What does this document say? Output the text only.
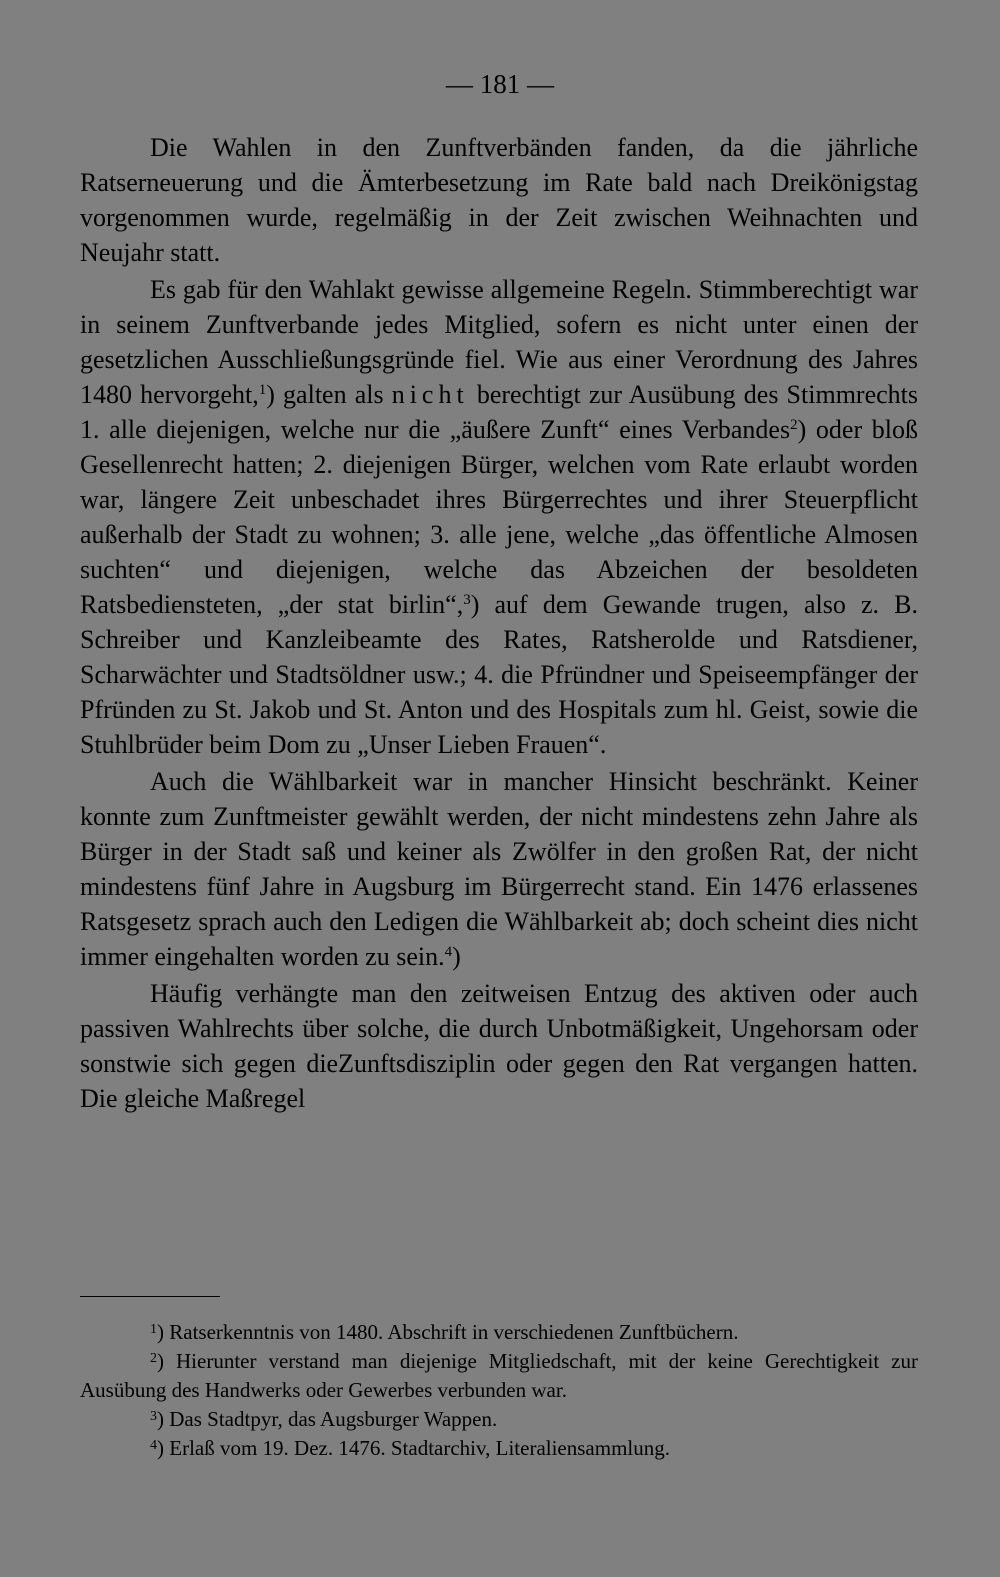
— 181 —

Die Wahlen in den Zunftverbänden fanden, da die jährliche Ratserneuerung und die Ämterbesetzung im Rate bald nach Dreikönigstag vorgenommen wurde, regelmäßig in der Zeit zwischen Weihnachten und Neujahr statt.

Es gab für den Wahlakt gewisse allgemeine Regeln. Stimmberechtigt war in seinem Zunftverbande jedes Mitglied, sofern es nicht unter einen der gesetzlichen Ausschließungsgründe fiel. Wie aus einer Verordnung des Jahres 1480 hervorgeht,$^1$) galten als nicht berechtigt zur Ausübung des Stimmrechts 1. alle diejenigen, welche nur die „äußere Zunft“ eines Verbandes$^2$) oder bloß Gesellenrecht hatten; 2. diejenigen Bürger, welchen vom Rate erlaubt worden war, längere Zeit unbeschadet ihres Bürgerrechtes und ihrer Steuerpflicht außerhalb der Stadt zu wohnen; 3. alle jene, welche „das öffentliche Almosen suchten“ und diejenigen, welche das Abzeichen der besoldeten Ratsbediensteten, „der stat birlin“,$^3$) auf dem Gewande trugen, also z. B. Schreiber und Kanzleibeamte des Rates, Ratsherolde und Ratsdiener, Scharwächter und Stadtsöldner usw.; 4. die Pfründner und Speiseempfänger der Pfründen zu St. Jakob und St. Anton und des Hospitals zum hl. Geist, sowie die Stuhlbrüder beim Dom zu „Unser Lieben Frauen“.

Auch die Wählbarkeit war in mancher Hinsicht beschränkt. Keiner konnte zum Zunftmeister gewählt werden, der nicht mindestens zehn Jahre als Bürger in der Stadt saß und keiner als Zwölfer in den großen Rat, der nicht mindestens fünf Jahre in Augsburg im Bürgerrecht stand. Ein 1476 erlassenes Ratsgesetz sprach auch den Ledigen die Wählbarkeit ab; doch scheint dies nicht immer eingehalten worden zu sein.$^4$)

Häufig verhängte man den zeitweisen Entzug des aktiven oder auch passiven Wahlrechts über solche, die durch Unbotmäßigkeit, Ungehorsam oder sonstwie sich gegen dieZunftsdisziplin oder gegen den Rat vergangen hatten. Die gleiche Maßregel

$^1$) Ratserkenntnis von 1480. Abschrift in verschiedenen Zunftbüchern.

$^2$) Hierunter verstand man diejenige Mitgliedschaft, mit der keine Gerechtigkeit zur Ausübung des Handwerks oder Gewerbes verbunden war.

$^3$) Das Stadtpyr, das Augsburger Wappen.

$^4$) Erlaß vom 19. Dez. 1476. Stadtarchiv, Literaliensammlung.
